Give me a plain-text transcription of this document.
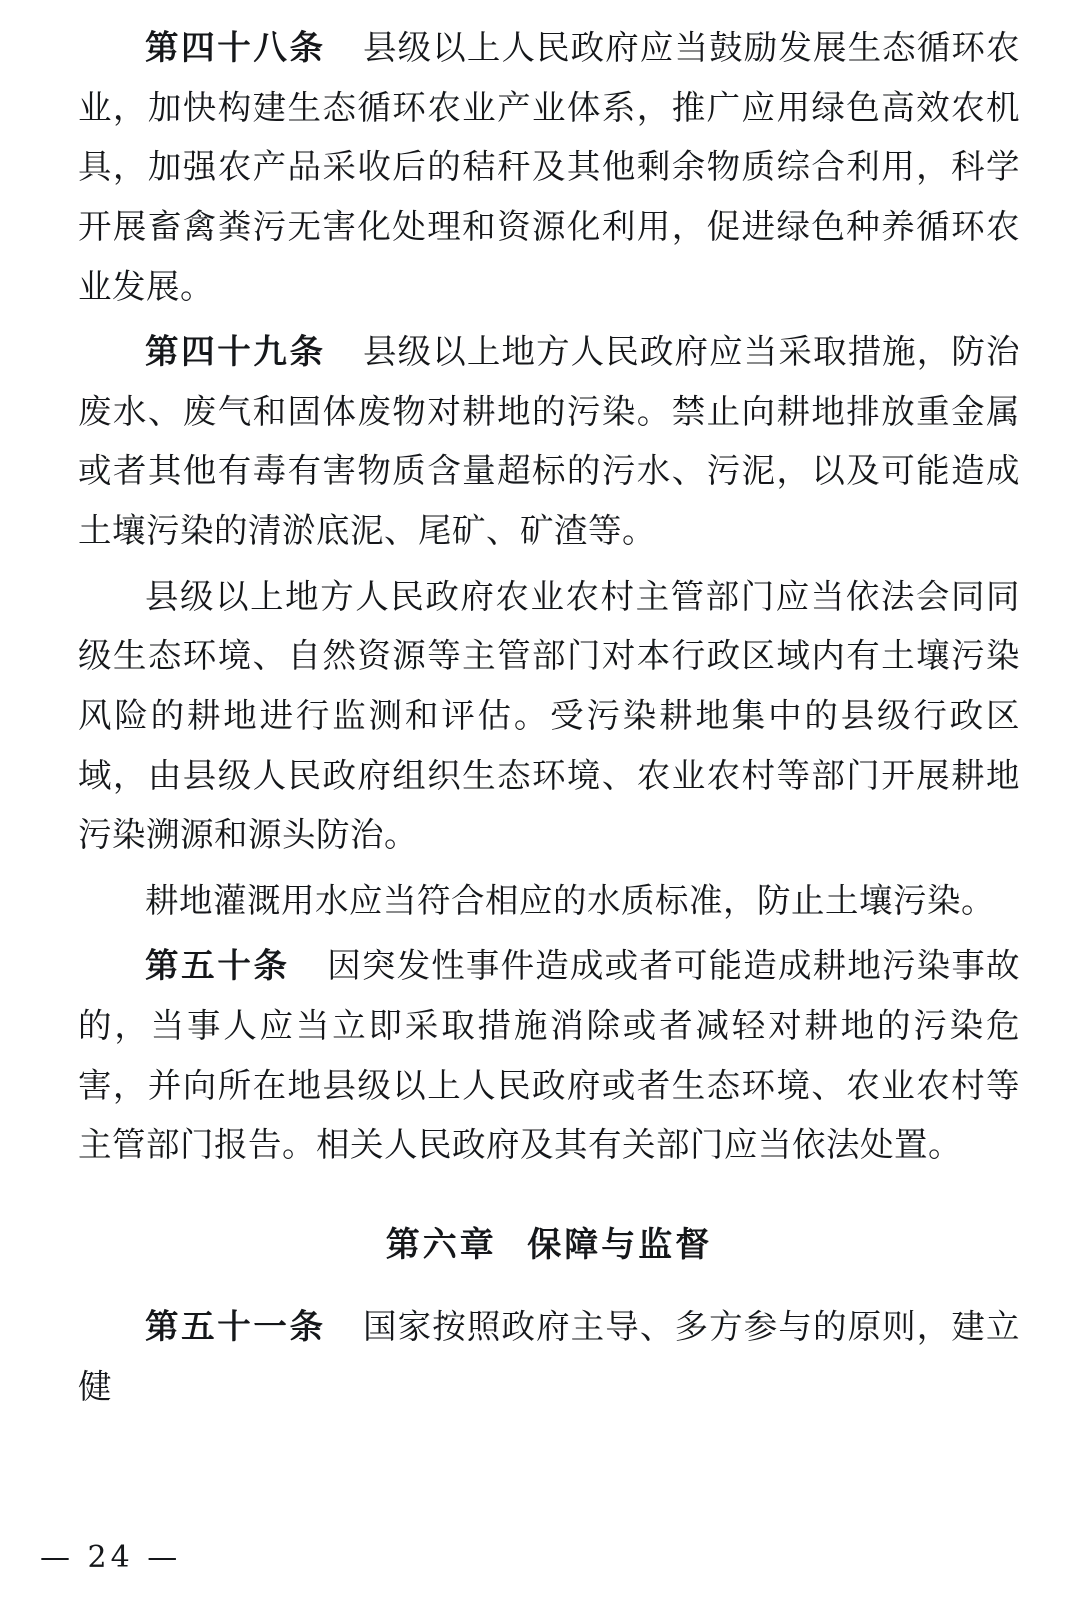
第四十八条 县级以上人民政府应当鼓励发展生态循环农业，加快构建生态循环农业产业体系，推广应用绿色高效农机具，加强农产品采收后的秸秆及其他剩余物质综合利用，科学开展畜禽粪污无害化处理和资源化利用，促进绿色种养循环农业发展。

第四十九条 县级以上地方人民政府应当采取措施，防治废水、废气和固体废物对耕地的污染。禁止向耕地排放重金属或者其他有毒有害物质含量超标的污水、污泥，以及可能造成土壤污染的清淤底泥、尾矿、矿渣等。

县级以上地方人民政府农业农村主管部门应当依法会同同级生态环境、自然资源等主管部门对本行政区域内有土壤污染风险的耕地进行监测和评估。受污染耕地集中的县级行政区域，由县级人民政府组织生态环境、农业农村等部门开展耕地污染溯源和源头防治。

耕地灌溉用水应当符合相应的水质标准，防止土壤污染。

第五十条 因突发性事件造成或者可能造成耕地污染事故的，当事人应当立即采取措施消除或者减轻对耕地的污染危害，并向所在地县级以上人民政府或者生态环境、农业农村等主管部门报告。相关人民政府及其有关部门应当依法处置。

第六章 保障与监督

第五十一条 国家按照政府主导、多方参与的原则，建立健

— 24 —
